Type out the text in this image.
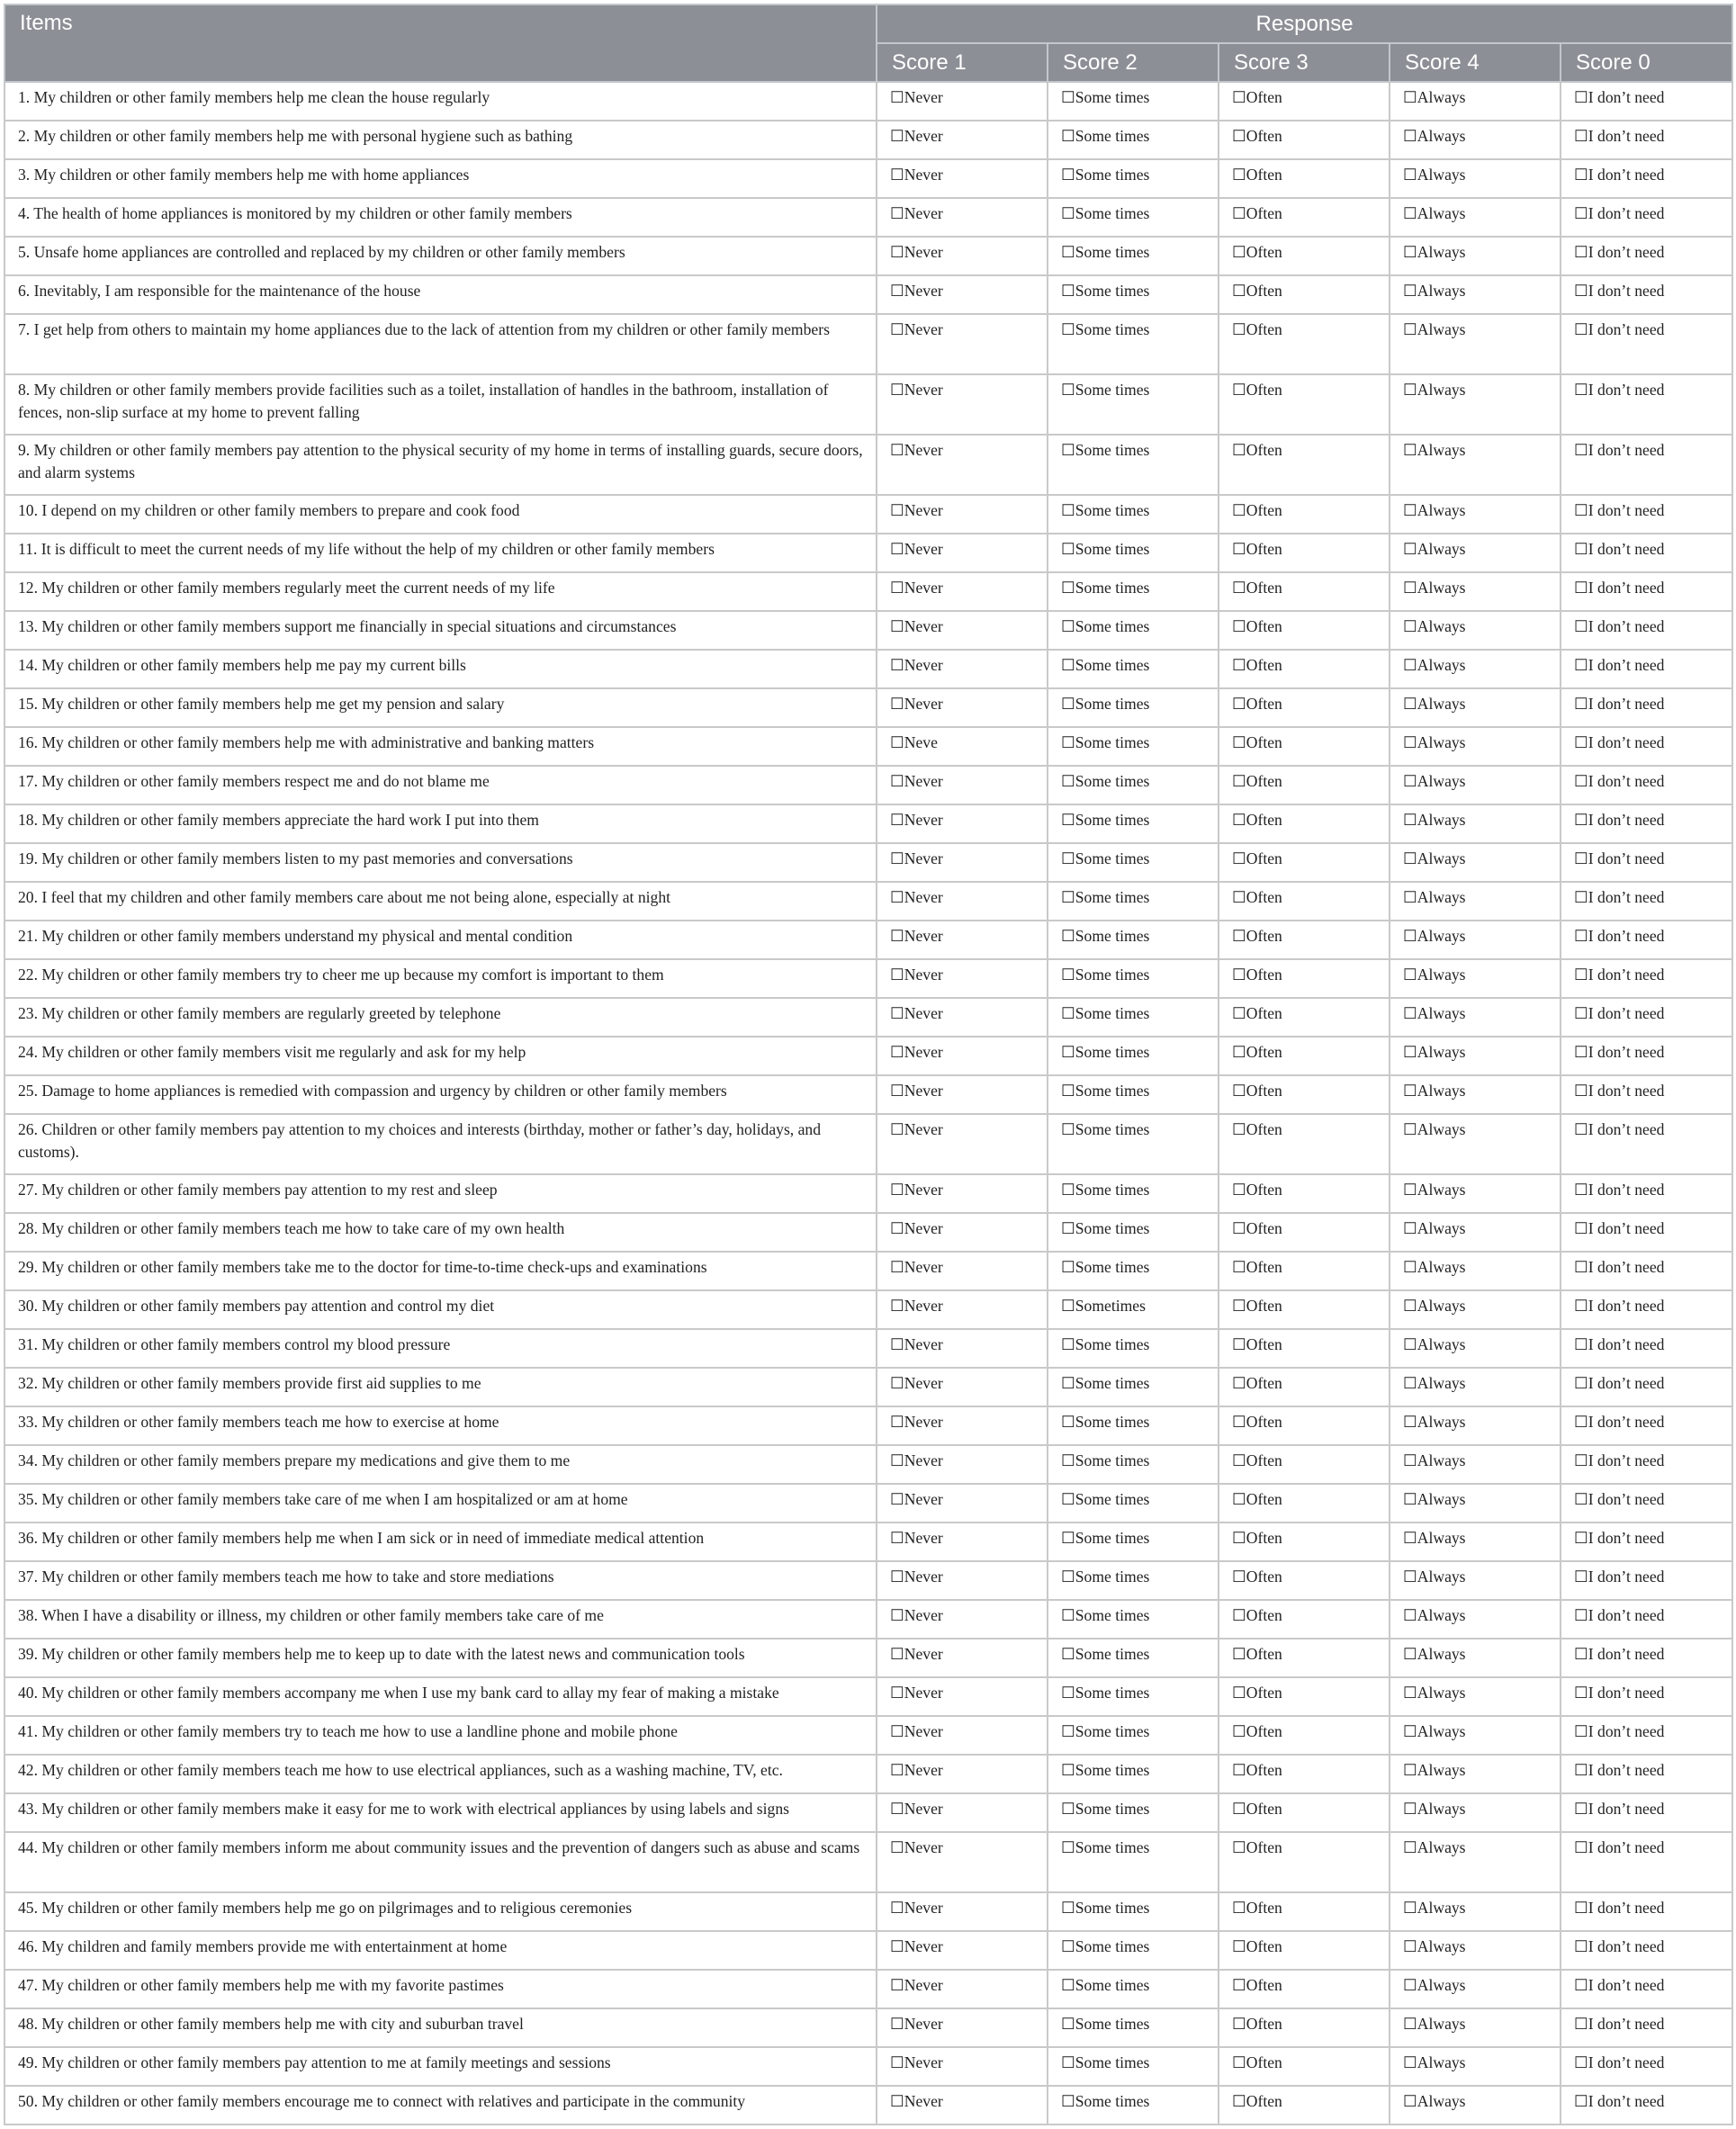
Items	Response				
	Score 1	Score 2	Score 3	Score 4	Score 0
1. My children or other family members help me clean the house regularly	☐Never	☐Some times	☐Often	☐Always	☐I don’t need
2. My children or other family members help me with personal hygiene such as bathing	☐Never	☐Some times	☐Often	☐Always	☐I don’t need
3. My children or other family members help me with home appliances	☐Never	☐Some times	☐Often	☐Always	☐I don’t need
4. The health of home appliances is monitored by my children or other family members	☐Never	☐Some times	☐Often	☐Always	☐I don’t need
5. Unsafe home appliances are controlled and replaced by my children or other family members	☐Never	☐Some times	☐Often	☐Always	☐I don’t need
6. Inevitably, I am responsible for the maintenance of the house	☐Never	☐Some times	☐Often	☐Always	☐I don’t need
7. I get help from others to maintain my home appliances due to the lack of attention from my children or other family members	☐Never	☐Some times	☐Often	☐Always	☐I don’t need
8. My children or other family members provide facilities such as a toilet, installation of handles in the bathroom, installation of fences, non-slip surface at my home to prevent falling	☐Never	☐Some times	☐Often	☐Always	☐I don’t need
9. My children or other family members pay attention to the physical security of my home in terms of installing guards, secure doors, and alarm systems	☐Never	☐Some times	☐Often	☐Always	☐I don’t need
10. I depend on my children or other family members to prepare and cook food	☐Never	☐Some times	☐Often	☐Always	☐I don’t need
11. It is difficult to meet the current needs of my life without the help of my children or other family members	☐Never	☐Some times	☐Often	☐Always	☐I don’t need
12. My children or other family members regularly meet the current needs of my life	☐Never	☐Some times	☐Often	☐Always	☐I don’t need
13. My children or other family members support me financially in special situations and circumstances	☐Never	☐Some times	☐Often	☐Always	☐I don’t need
14. My children or other family members help me pay my current bills	☐Never	☐Some times	☐Often	☐Always	☐I don’t need
15. My children or other family members help me get my pension and salary	☐Never	☐Some times	☐Often	☐Always	☐I don’t need
16. My children or other family members help me with administrative and banking matters	☐Neve	☐Some times	☐Often	☐Always	☐I don’t need
17. My children or other family members respect me and do not blame me	☐Never	☐Some times	☐Often	☐Always	☐I don’t need
18. My children or other family members appreciate the hard work I put into them	☐Never	☐Some times	☐Often	☐Always	☐I don’t need
19. My children or other family members listen to my past memories and conversations	☐Never	☐Some times	☐Often	☐Always	☐I don’t need
20. I feel that my children and other family members care about me not being alone, especially at night	☐Never	☐Some times	☐Often	☐Always	☐I don’t need
21. My children or other family members understand my physical and mental condition	☐Never	☐Some times	☐Often	☐Always	☐I don’t need
22. My children or other family members try to cheer me up because my comfort is important to them	☐Never	☐Some times	☐Often	☐Always	☐I don’t need
23. My children or other family members are regularly greeted by telephone	☐Never	☐Some times	☐Often	☐Always	☐I don’t need
24. My children or other family members visit me regularly and ask for my help	☐Never	☐Some times	☐Often	☐Always	☐I don’t need
25. Damage to home appliances is remedied with compassion and urgency by children or other family members	☐Never	☐Some times	☐Often	☐Always	☐I don’t need
26. Children or other family members pay attention to my choices and interests (birthday, mother or father’s day, holidays, and customs).	☐Never	☐Some times	☐Often	☐Always	☐I don’t need
27. My children or other family members pay attention to my rest and sleep	☐Never	☐Some times	☐Often	☐Always	☐I don’t need
28. My children or other family members teach me how to take care of my own health	☐Never	☐Some times	☐Often	☐Always	☐I don’t need
29. My children or other family members take me to the doctor for time-to-time check-ups and examinations	☐Never	☐Some times	☐Often	☐Always	☐I don’t need
30. My children or other family members pay attention and control my diet	☐Never	☐Sometimes	☐Often	☐Always	☐I don’t need
31. My children or other family members control my blood pressure	☐Never	☐Some times	☐Often	☐Always	☐I don’t need
32. My children or other family members provide first aid supplies to me	☐Never	☐Some times	☐Often	☐Always	☐I don’t need
33. My children or other family members teach me how to exercise at home	☐Never	☐Some times	☐Often	☐Always	☐I don’t need
34. My children or other family members prepare my medications and give them to me	☐Never	☐Some times	☐Often	☐Always	☐I don’t need
35. My children or other family members take care of me when I am hospitalized or am at home	☐Never	☐Some times	☐Often	☐Always	☐I don’t need
36. My children or other family members help me when I am sick or in need of immediate medical attention	☐Never	☐Some times	☐Often	☐Always	☐I don’t need
37. My children or other family members teach me how to take and store mediations	☐Never	☐Some times	☐Often	☐Always	☐I don’t need
38. When I have a disability or illness, my children or other family members take care of me	☐Never	☐Some times	☐Often	☐Always	☐I don’t need
39. My children or other family members help me to keep up to date with the latest news and communication tools	☐Never	☐Some times	☐Often	☐Always	☐I don’t need
40. My children or other family members accompany me when I use my bank card to allay my fear of making a mistake	☐Never	☐Some times	☐Often	☐Always	☐I don’t need
41. My children or other family members try to teach me how to use a landline phone and mobile phone	☐Never	☐Some times	☐Often	☐Always	☐I don’t need
42. My children or other family members teach me how to use electrical appliances, such as a washing machine, TV, etc.	☐Never	☐Some times	☐Often	☐Always	☐I don’t need
43. My children or other family members make it easy for me to work with electrical appliances by using labels and signs	☐Never	☐Some times	☐Often	☐Always	☐I don’t need
44. My children or other family members inform me about community issues and the prevention of dangers such as abuse and scams	☐Never	☐Some times	☐Often	☐Always	☐I don’t need
45. My children or other family members help me go on pilgrimages and to religious ceremonies	☐Never	☐Some times	☐Often	☐Always	☐I don’t need
46. My children and family members provide me with entertainment at home	☐Never	☐Some times	☐Often	☐Always	☐I don’t need
47. My children or other family members help me with my favorite pastimes	☐Never	☐Some times	☐Often	☐Always	☐I don’t need
48. My children or other family members help me with city and suburban travel	☐Never	☐Some times	☐Often	☐Always	☐I don’t need
49. My children or other family members pay attention to me at family meetings and sessions	☐Never	☐Some times	☐Often	☐Always	☐I don’t need
50. My children or other family members encourage me to connect with relatives and participate in the community	☐Never	☐Some times	☐Often	☐Always	☐I don’t need
